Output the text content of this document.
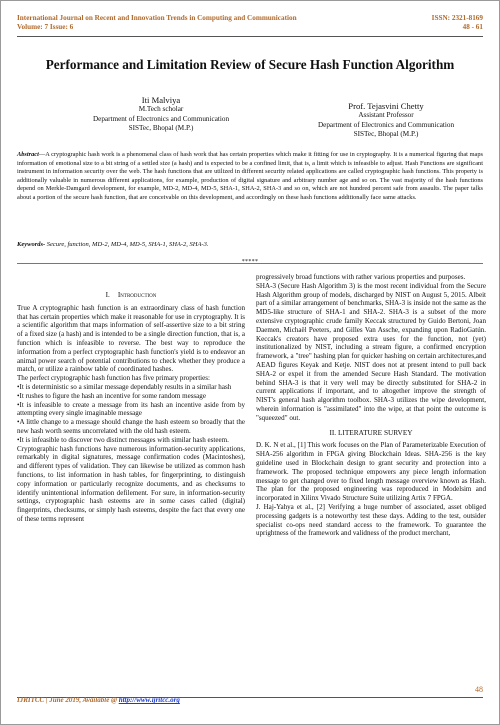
International Journal on Recent and Innovation Trends in Computing and Communication
Volume: 7 Issue: 6
ISSN: 2321-8169
48 - 61
Performance and Limitation Review of Secure Hash Function Algorithm
Iti Malviya
M.Tech scholar
Department of Electronics and Communication
SISTec, Bhopal (M.P.)
Prof. Tejasvini Chetty
Assistant Professor
Department of Electronics and Communication
SISTec, Bhopal (M.P.)
Abstract—A cryptographic hash work is a phenomenal class of hash work that has certain properties which make it fitting for use in cryptography. It is a numerical figuring that maps information of emotional size to a bit string of a settled size (a hash) and is expected to be a confined limit, that is, a limit which is infeasible to adjust. Hash Functions are significant instrument in information security over the web. The hash functions that are utilized in different security related applications are called cryptographic hash functions. This property is additionally valuable in numerous different applications, for example, production of digital signature and arbitrary number age and so on. The vast majority of the hash functions depend on Merkle-Damgard development, for example, MD-2, MD-4, MD-5, SHA-1, SHA-2, SHA-3 and so on, which are not hundred percent safe from assaults. The paper talks about a portion of the secure hash function, that are conceivable on this development, and accordingly on these hash functions additionally face same attacks.
Keywords- Secure, function, MD-2, MD-4, MD-5, SHA-1, SHA-2, SHA-3.
*****
I. Introduction

True A cryptographic hash function is an extraordinary class of hash function that has certain properties which make it reasonable for use in cryptography. It is a scientific algorithm that maps information of self-assertive size to a bit string of a fixed size (a hash) and is intended to be a single direction function, that is, a function which is infeasible to reverse. The best way to reproduce the information from a perfect cryptographic hash function's yield is to endeavor an animal power search of potential contributions to check whether they produce a match, or utilize a rainbow table of coordinated hashes.

The perfect cryptographic hash function has five primary properties:

•It is deterministic so a similar message dependably results in a similar hash

•It rushes to figure the hash an incentive for some random message

•It is infeasible to create a message from its hash an incentive aside from by attempting every single imaginable message

•A little change to a message should change the hash esteem so broadly that the new hash worth seems uncorrelated with the old hash esteem.

•It is infeasible to discover two distinct messages with similar hash esteem.

Cryptographic hash functions have numerous information-security applications, remarkably in digital signatures, message confirmation codes (Macintoshes), and different types of validation. They can likewise be utilized as common hash functions, to list information in hash tables, for fingerprinting, to distinguish copy information or particularly recognize documents, and as checksums to identify unintentional information defilement. For sure, in information-security settings, cryptographic hash esteems are in some cases called (digital) fingerprints, checksums, or simply hash esteems, despite the fact that every one of these terms represent

progressively broad functions with rather various properties and purposes.

SHA-3 (Secure Hash Algorithm 3) is the most recent individual from the Secure Hash Algorithm group of models, discharged by NIST on August 5, 2015. Albeit part of a similar arrangement of benchmarks, SHA-3 is inside not the same as the MD5-like structure of SHA-1 and SHA-2. SHA-3 is a subset of the more extensive cryptographic crude family Keccak structured by Guido Bertoni, Joan Daemen, Michaël Peeters, and Gilles Van Assche, expanding upon RadioGatún. Keccak's creators have proposed extra uses for the function, not (yet) institutionalized by NIST, including a stream figure, a confirmed encryption framework, a "tree" hashing plan for quicker hashing on certain architectures,and AEAD figures Keyak and Ketje. NIST does not at present intend to pull back SHA-2 or expel it from the amended Secure Hash Standard. The motivation behind SHA-3 is that it very well may be directly substituted for SHA-2 in current applications if important, and to altogether improve the strength of NIST's general hash algorithm toolbox. SHA-3 utilizes the wipe development, wherein information is "assimilated" into the wipe, at that point the outcome is "squeezed" out.

II. LITERATURE SURVEY

D. K. N et al., [1] This work focuses on the Plan of Parameterizable Execution of SHA-256 algorithm in FPGA giving Blockchain Ideas. SHA-256 is the key guideline used in Blockchain design to grant security and protection into a framework. The proposed technique empowers any piece length information message to get changed over to fixed length message overview known as Hash. The plan for the proposed engineering was reproduced in Modelsim and incorporated in Xilinx Vivado Structure Suite utilizing Artix 7 FPGA.

J. Haj-Yahya et al., [2] Verifying a huge number of associated, asset obliged processing gadgets is a noteworthy test these days. Adding to the test, outsider specialist co-ops need standard access to the framework. To guarantee the uprightness of the framework and validness of the product merchant,

48
IJRITCC | June 2019, Available @ http://www.ijritcc.org
